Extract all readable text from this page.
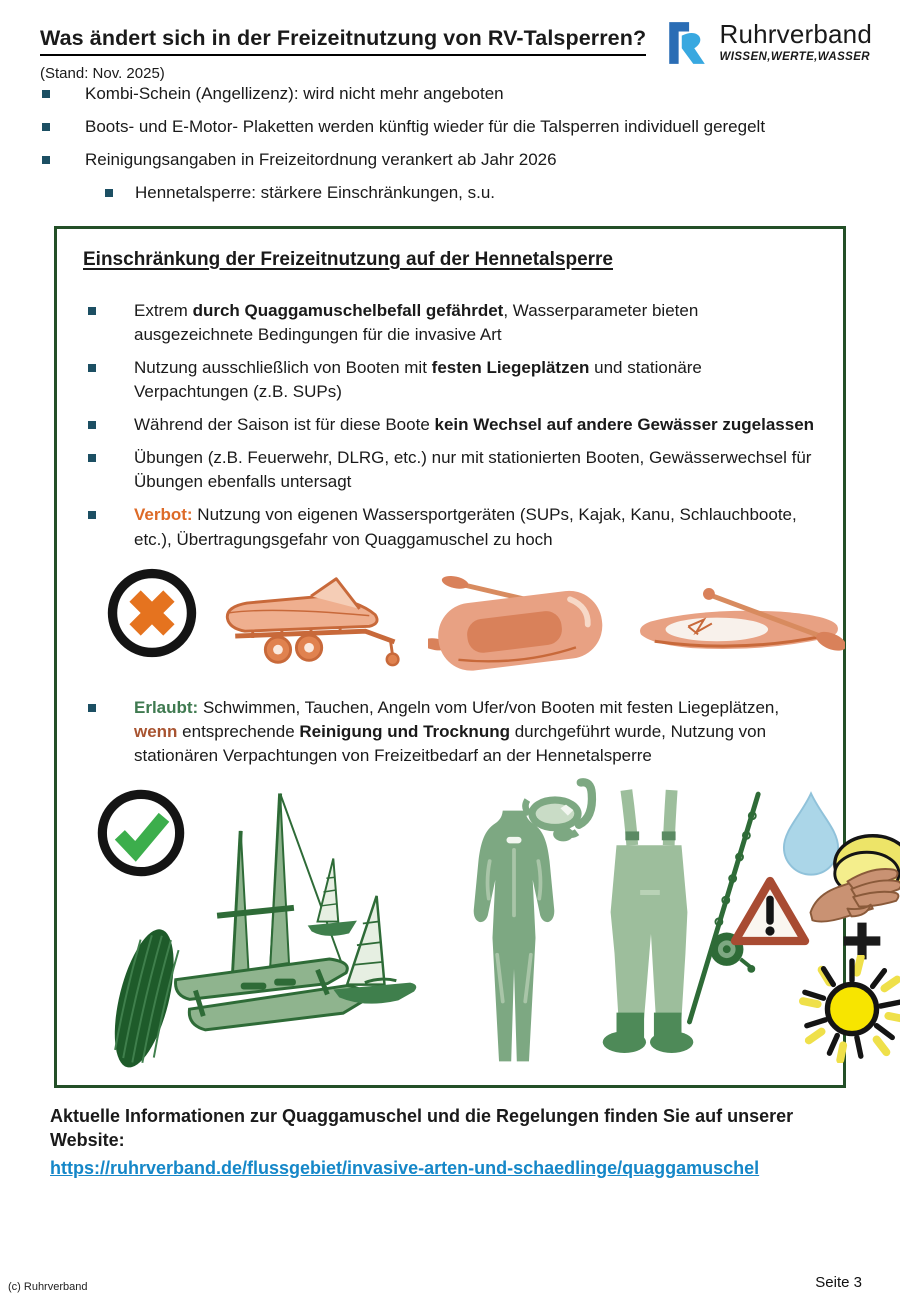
Was ändert sich in der Freizeitnutzung von RV-Talsperren?
(Stand: Nov. 2025)
Ruhrverband
WISSEN,WERTE,WASSER
Kombi-Schein (Angellizenz): wird nicht mehr angeboten
Boots- und E-Motor- Plaketten werden künftig wieder für die Talsperren individuell geregelt
Reinigungsangaben in Freizeitordnung verankert ab Jahr 2026
Hennetalsperre: stärkere Einschränkungen, s.u.
Einschränkung der Freizeitnutzung auf der Hennetalsperre
Extrem durch Quaggamuschelbefall gefährdet, Wasserparameter bieten ausgezeichnete Bedingungen für die invasive Art
Nutzung ausschließlich von Booten mit festen Liegeplätzen und stationäre Verpachtungen (z.B. SUPs)
Während der Saison ist für diese Boote kein Wechsel auf andere Gewässer zugelassen
Übungen (z.B. Feuerwehr, DLRG, etc.) nur mit stationierten Booten, Gewässerwechsel für Übungen ebenfalls untersagt
Verbot: Nutzung von eigenen Wassersportgeräten (SUPs, Kajak, Kanu, Schlauchboote, etc.), Übertragungsgefahr von Quaggamuschel zu hoch
Erlaubt: Schwimmen, Tauchen, Angeln vom Ufer/von Booten mit festen Liegeplätzen, wenn entsprechende Reinigung und Trocknung durchgeführt wurde, Nutzung von stationären Verpachtungen von Freizeitbedarf an der Hennetalsperre
Aktuelle Informationen zur Quaggamuschel und die Regelungen finden Sie auf unserer Website:
https://ruhrverband.de/flussgebiet/invasive-arten-und-schaedlinge/quaggamuschel
(c) Ruhrverband	Seite 3
